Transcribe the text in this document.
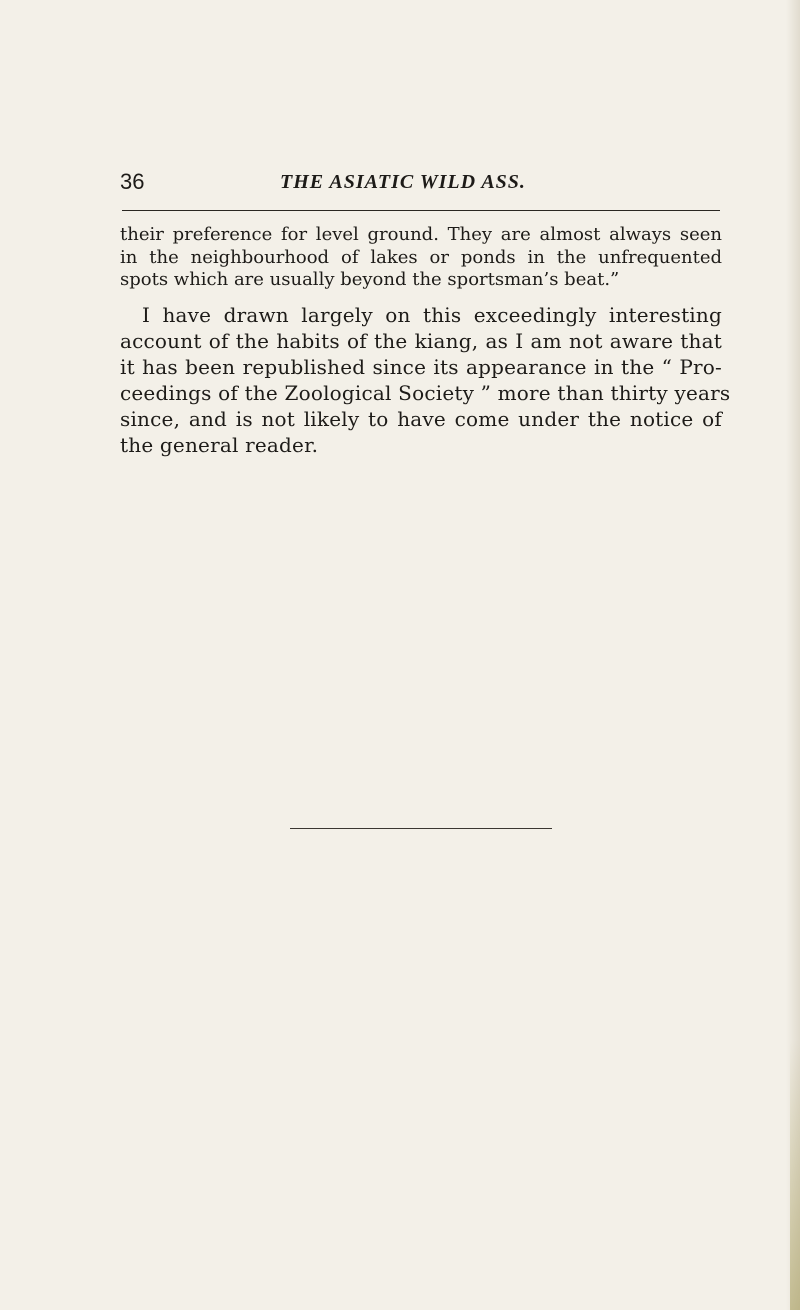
36	THE ASIATIC WILD ASS.
their preference for level ground. They are almost always seen
in the neighbourhood of lakes or ponds in the unfrequented
spots which are usually beyond the sportsman’s beat.”
I have drawn largely on this exceedingly interesting
account of the habits of the kiang, as I am not aware that
it has been republished since its appearance in the “ Pro-
ceedings of the Zoological Society ” more than thirty years
since, and is not likely to have come under the notice of
the general reader.
